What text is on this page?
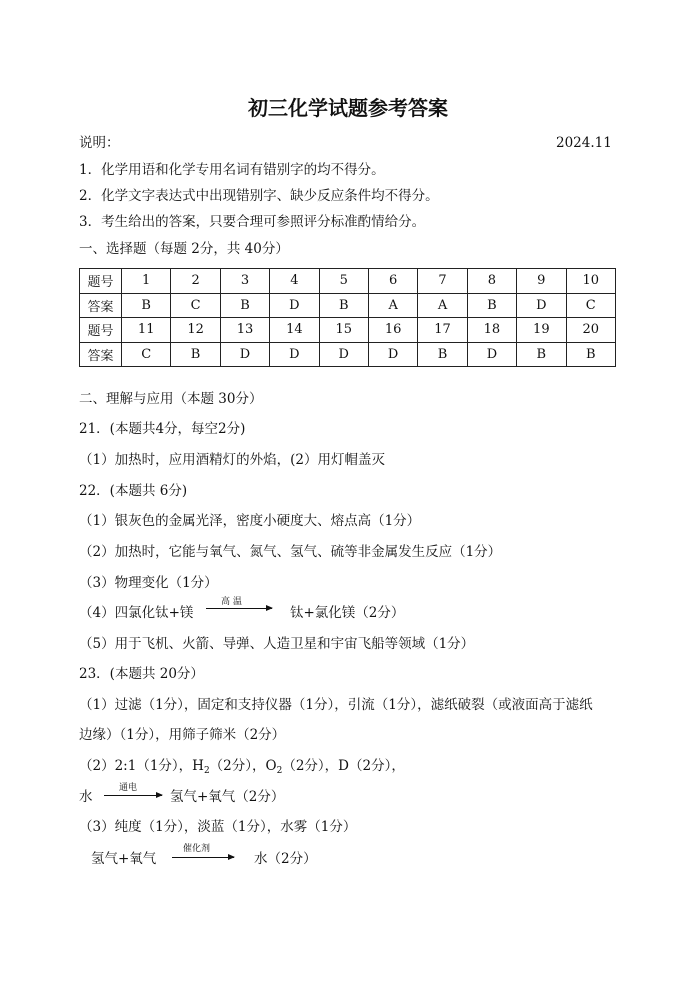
初三化学试题参考答案
说明：	2024.11
1．化学用语和化学专用名词有错别字的均不得分。
2．化学文字表达式中出现错别字、缺少反应条件均不得分。
3．考生给出的答案，只要合理可参照评分标准酌情给分。
一、选择题（每题 2分，共 40分）
题号	1	2	3	4	5	6	7	8	9	10
答案	B	C	B	D	B	A	A	B	D	C
题号	11	12	13	14	15	16	17	18	19	20
答案	C	B	D	D	D	D	B	D	B	B
二、理解与应用（本题 30分）
21．(本题共4分，每空2分)
（1）加热时，应用酒精灯的外焰，(2）用灯帽盖灭
22．(本题共 6分)
（1）银灰色的金属光泽，密度小硬度大、熔点高（1分）
（2）加热时，它能与氧气、氮气、氢气、硫等非金属发生反应（1分）
（3）物理变化（1分）
（4）四氯化钛+镁
高 温
钛+氯化镁（2分）
（5）用于飞机、火箭、导弹、人造卫星和宇宙飞船等领域（1分）
23．(本题共 20分）
（1）过滤（1分），固定和支持仪器（1分），引流（1分），滤纸破裂（或液面高于滤纸
边缘）（1分），用筛子筛米（2分）
（2）2:1（1分），$H_2(2$分），$O_2(2$分），D（2分），
水
通电
→ 氢气+氧气（2分）
（3）纯度（1分），淡蓝（1分），水雾（1分）
氢气+氧气
催化剂
→ 水（2分）
